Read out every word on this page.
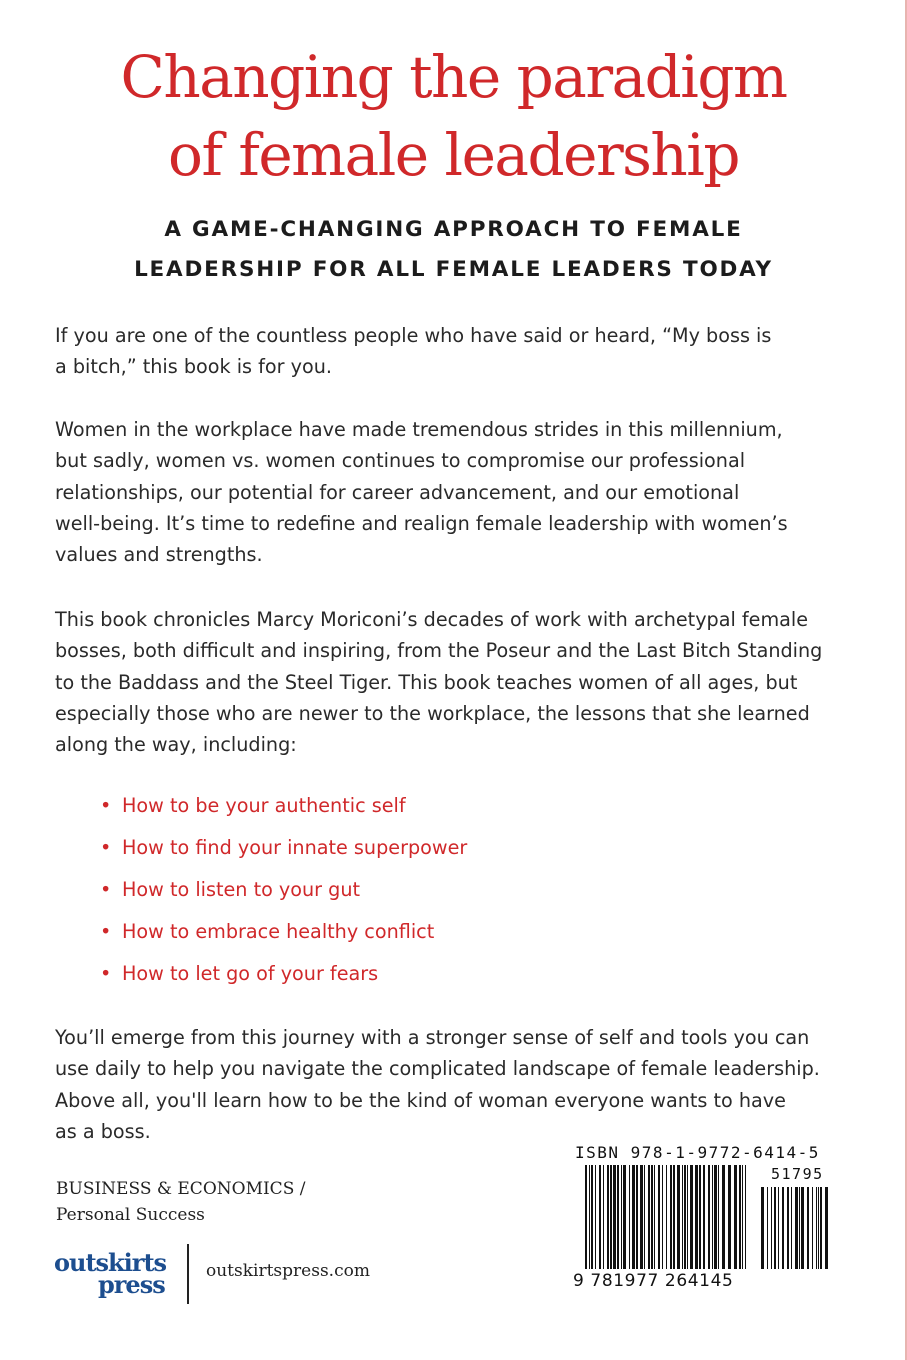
Changing the paradigm
of female leadership
A GAME-CHANGING APPROACH TO FEMALE
LEADERSHIP FOR ALL FEMALE LEADERS TODAY
If you are one of the countless people who have said or heard, “My boss is
a bitch,” this book is for you.
Women in the workplace have made tremendous strides in this millennium,
but sadly, women vs. women continues to compromise our professional
relationships, our potential for career advancement, and our emotional
well-being. It’s time to redefine and realign female leadership with women’s
values and strengths.
This book chronicles Marcy Moriconi’s decades of work with archetypal female
bosses, both difficult and inspiring, from the Poseur and the Last Bitch Standing
to the Baddass and the Steel Tiger. This book teaches women of all ages, but
especially those who are newer to the workplace, the lessons that she learned
along the way, including:
• How to be your authentic self
• How to find your innate superpower
• How to listen to your gut
• How to embrace healthy conflict
• How to let go of your fears
You’ll emerge from this journey with a stronger sense of self and tools you can
use daily to help you navigate the complicated landscape of female leadership.
Above all, you'll learn how to be the kind of woman everyone wants to have
as a boss.
BUSINESS & ECONOMICS /
Personal Success
outskirts
press outskirtspress.com
51795
ISBN 978-1-9772-6414-5
9 781977 264145
